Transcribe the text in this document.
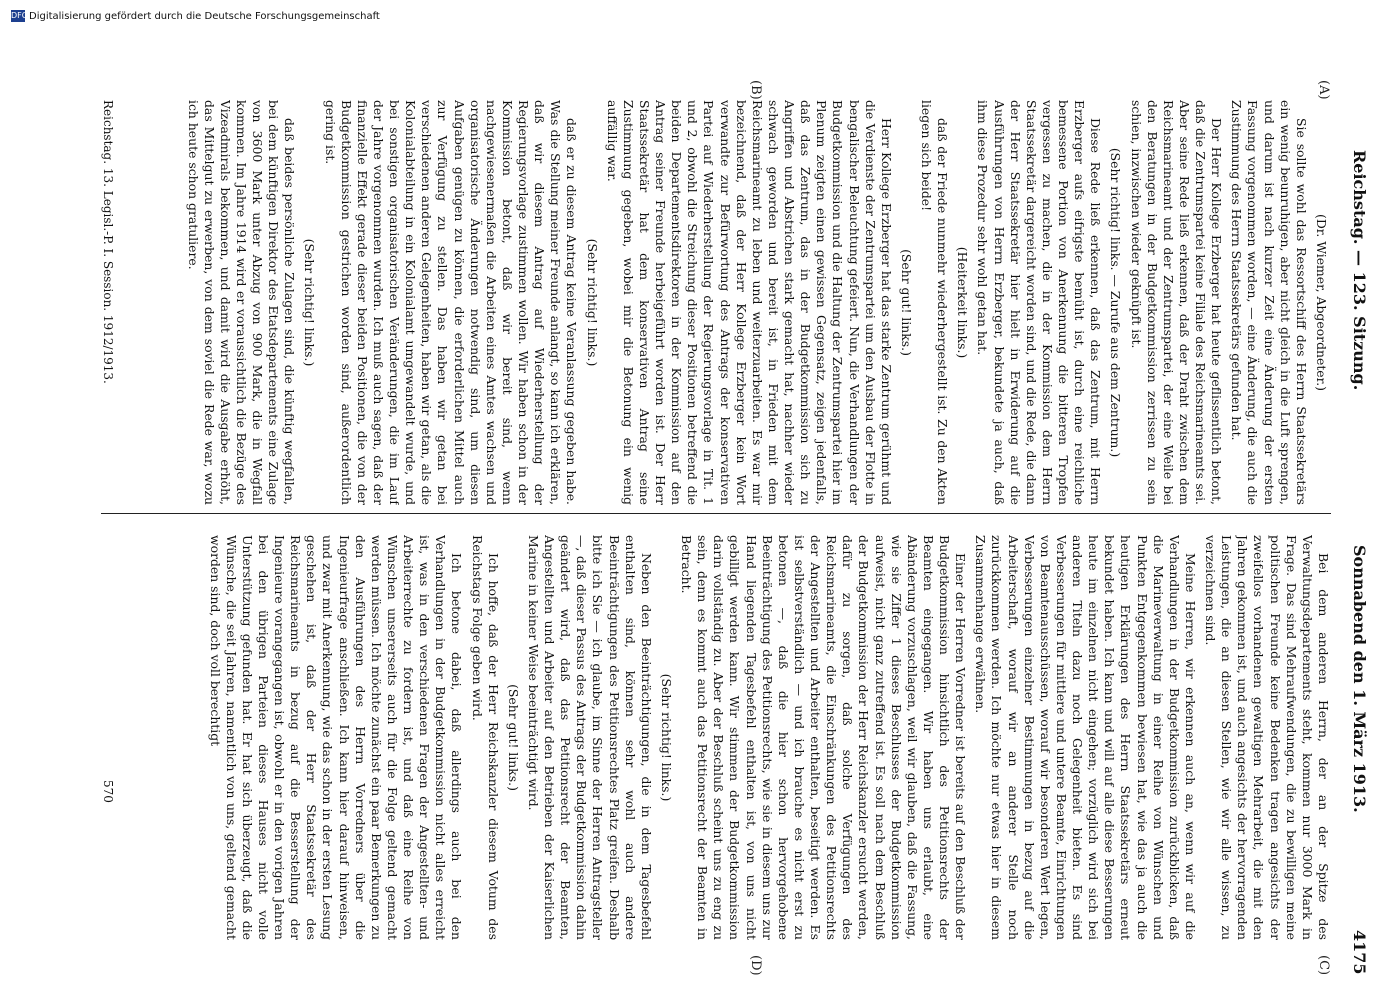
Reichstag. — 123. Sitzung.
Sonnabend den 1. März 1913.
4175
(A)
(B)
(C)
(D)

(Dr. Wiemer, Abgeordneter.)

Sie sollte wohl das Ressortschiff des Herrn Staatssekretärs ein wenig beunruhigen, aber nicht gleich in die Luft sprengen, und darum ist nach kurzer Zeit eine Änderung der ersten Fassung vorgenommen worden, — eine Änderung, die auch die Zustimmung des Herrn Staatssekretärs gefunden hat.

Der Herr Kollege Erzberger hat heute geflissentlich betont, daß die Zentrumspartei keine Filiale des Reichsmarineamts sei. Aber seine Rede ließ erkennen, daß der Draht zwischen dem Reichsmarineamt und der Zentrumspartei, der eine Weile bei den Beratungen in der Budgetkommission zerrissen zu sein schien, inzwischen wieder geknüpft ist.

(Sehr richtig! links. — Zurufe aus dem Zentrum.)

Diese Rede ließ erkennen, daß das Zentrum, mit Herrn Erzberger aufs eifrigste bemüht ist, durch eine reichliche bemessene Portion von Anerkennung die bitteren Tropfen vergessen zu machen, die in der Kommission dem Herrn Staatssekretär dargereicht worden sind, und die Rede, die dann der Herr Staatssekretär hier hielt in Erwiderung auf die Ausführungen von Herrn Erzberger, bekundete ja auch, daß ihm diese Prozedur sehr wohl getan hat.

(Heiterkeit links.)

daß der Friede nunmehr wiederhergestellt ist. Zu den Akten liegen sich beide!

(Sehr gut! links.)

Herr Kollege Erzberger hat das starke Zentrum gerühmt und die Verdienste der Zentrumspartei um den Ausbau der Flotte in bengalischer Beleuchtung gefeiert. Nun, die Verhandlungen der Budgetkommission und die Haltung der Zentrumspartei hier im Plenum zeigten einen gewissen Gegensatz, zeigen jedenfalls, daß das Zentrum, das in der Budgetkommission sich zu Angriffen und Abstrichen stark gemacht hat, nachher wieder schwach geworden und bereit ist, in Frieden mit dem Reichsmarineamt zu leben und weiterzuarbeiten. Es war mir bezeichnend, daß der Herr Kollege Erzberger kein Wort verwandte zur Befürwortung des Antrags der konservativen Partei auf Wiederherstellung der Regierungsvorlage in Tit. 1 und 2, obwohl die Streichung dieser Positionen betreffend die beiden Departementsdirektoren in der Kommission auf den Antrag seiner Freunde herbeigeführt worden ist. Der Herr Staatssekretär hat dem konservativen Antrag seine Zustimmung gegeben, wobei mir die Betonung ein wenig auffällig war.

(Sehr richtig! links.)

daß er zu diesem Antrag keine Veranlassung gegeben habe. Was die Stellung meiner Freunde anlangt, so kann ich erklären, daß wir diesem Antrag auf Wiederherstellung der Regierungsvorlage zustimmen wollen. Wir haben schon in der Kommission betont, daß wir bereit sind, wenn nachgewiesenermaßen die Arbeiten eines Amtes wachsen und organisatorische Änderungen notwendig sind, um diesen Aufgaben genügen zu können, die erforderlichen Mittel auch zur Verfügung zu stellen. Das haben wir getan bei verschiedenen anderen Gelegenheiten, haben wir getan, als die Kolonialabteilung in ein Kolonialamt umgewandelt wurde, und bei sonstigen organisatorischen Veränderungen, die im Lauf der Jahre vorgenommen wurden. Ich muß auch sagen, daß der finanzielle Effekt gerade dieser beiden Positionen, die von der Budgetkommission gestrichen worden sind, außerordentlich gering ist.

(Sehr richtig! links.)

daß beides persönliche Zulagen sind, die künftig wegfallen, bei dem künftigen Direktor des Etatsdepartements eine Zulage von 3600 Mark unter Abzug von 900 Mark, die in Wegfall kommen. Im Jahre 1914 wird er voraussichtlich die Bezüge des Vizeadmirals bekommen, und damit wird die Ausgabe erhöht, das Mittelgut zu erwerben, von dem soviel die Rede war, wozu ich heute schon gratuliere.

Bei dem anderen Herrn, der an der Spitze des Verwaltungsdepartements steht, kommen nur 3000 Mark in Frage. Das sind Mehraufwendungen, die zu bewilligen meine politischen Freunde keine Bedenken tragen angesichts der zweifellos vorhandenen gewaltigen Mehrarbeit, die mit den Jahren gekommen ist, und auch angesichts der hervorragenden Leistungen, die an diesen Stellen, wie wir alle wissen, zu verzeichnen sind.

Meine Herren, wir erkennen auch an, wenn wir auf die Verhandlungen in der Budgetkommission zurückblicken, daß die Marineverwaltung in einer Reihe von Wünschen und Punkten Entgegenkommen bewiesen hat, wie das ja auch die heutigen Erklärungen des Herrn Staatssekretärs erneut bekundet haben. Ich kann und will auf alle diese Besserungen heute im einzelnen nicht eingehen; vorzüglich wird sich bei anderen Titeln dazu noch Gelegenheit bieten. Es sind Verbesserungen für mittlere und untere Beamte, Einrichtungen von Beamtenausschüssen, worauf wir besonderen Wert legen, Verbesserungen einzelner Bestimmungen in bezug auf die Arbeiterschaft, worauf wir an anderer Stelle noch zurückkommen werden. Ich möchte nur etwas hier in diesem Zusammenhange erwähnen.

Einer der Herren Vorredner ist bereits auf den Beschluß der Budgetkommission hinsichtlich des Petitionsrechts der Beamten eingegangen. Wir haben uns erlaubt, eine Abänderung vorzuschlagen, weil wir glauben, daß die Fassung, wie sie Ziffer 1 dieses Beschlusses der Budgetkommission aufweist, nicht ganz zutreffend ist. Es soll nach dem Beschluß der Budgetkommission der Herr Reichskanzler ersucht werden, dafür zu sorgen, daß solche Verfügungen des Reichsmarineamts, die Einschränkungen des Petitionsrechts der Angestellten und Arbeiter enthalten, beseitigt werden. Es ist selbstverständlich — und ich brauche es nicht erst zu betonen —, daß die hier schon hervorgehobene Beeinträchtigung des Petitionsrechts, wie sie in diesem uns zur Hand liegenden Tagesbefehl enthalten ist, von uns nicht gebilligt werden kann. Wir stimmen der Budgetkommission darin vollständig zu. Aber der Beschluß scheint uns zu eng zu sein, denn es kommt auch das Petitionsrecht der Beamten in Betracht.

(Sehr richtig! links.)

Neben den Beeinträchtigungen, die in dem Tagesbefehl enthalten sind, können sehr wohl auch andere Beeinträchtigungen des Petitionsrechtes Platz greifen. Deshalb bitte ich Sie — ich glaube, im Sinne der Herren Antragsteller —, daß dieser Passus des Antrags der Budgetkommission dahin geändert wird, daß das Petitionsrecht der Beamten, Angestellten und Arbeiter auf den Betrieben der Kaiserlichen Marine in keiner Weise beeinträchtigt wird.

(Sehr gut! links.)

Ich hoffe, daß der Herr Reichskanzler diesem Votum des Reichstags Folge geben wird.

Ich betone dabei, daß allerdings auch bei den Verhandlungen in der Budgetkommission nicht alles erreicht ist, was in den verschiedenen Fragen der Angestellten- und Arbeiterrechte zu fordern ist, und daß eine Reihe von Wünschen unsererseits auch für die Folge geltend gemacht werden müssen. Ich möchte zunächst ein paar Bemerkungen zu den Ausführungen des Herrn Vorredners über die Ingenieurfrage anschließen. Ich kann hier darauf hinweisen, und zwar mit Anerkennung, wie das schon in der ersten Lesung geschehen ist, daß der Herr Staatssekretär des Reichsmarineamts in bezug auf die Besserstellung der Ingenieure vorangegangen ist, obwohl er in den vorigen Jahren bei den übrigen Parteien dieses Hauses nicht volle Unterstützung gefunden hat. Er hat sich überzeugt, daß die Wünsche, die seit Jahren, namentlich von uns, geltend gemacht worden sind, doch voll berechtigt

Reichstag. 13. Legisl.-P. I. Session. 1912/1913.
570
DFGDigitalisierung gefördert durch die Deutsche Forschungsgemeinschaft
